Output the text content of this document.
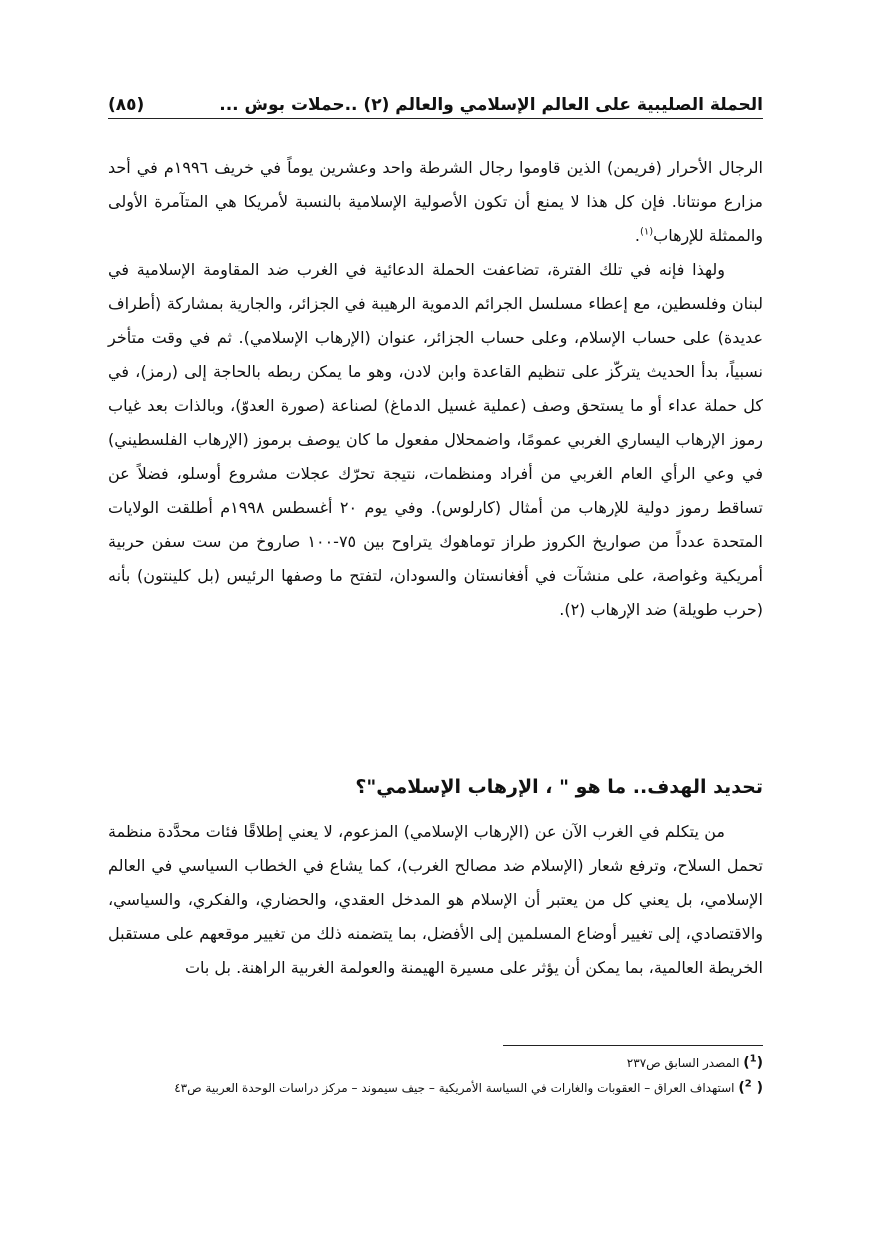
الحملة الصليبية على العالم الإسلامي والعالم (٢) ..حملات بوش ...
(٨٥)

الرجال الأحرار (فريمن) الذين قاوموا رجال الشرطة واحد وعشرين يوماً في خريف ١٩٩٦م في أحد مزارع مونتانا. فإن كل هذا لا يمنع أن تكون الأصولية الإسلامية بالنسبة لأمريكا هي المتآمرة الأولى والممثلة للإرهاب$^{(١)}$.

ولهذا فإنه في تلك الفترة، تضاعفت الحملة الدعائية في الغرب ضد المقاومة الإسلامية في لبنان وفلسطين، مع إعطاء مسلسل الجرائم الدموية الرهيبة في الجزائر، والجارية بمشاركة (أطراف عديدة) على حساب الإسلام، وعلى حساب الجزائر، عنوان (الإرهاب الإسلامي). ثم في وقت متأخر نسبياً، بدأ الحديث يتركّز على تنظيم القاعدة وابن لادن، وهو ما يمكن ربطه بالحاجة إلى (رمز)، في كل حملة عداء أو ما يستحق وصف (عملية غسيل الدماغ) لصناعة (صورة العدوّ)، وبالذات بعد غياب رموز الإرهاب اليساري الغربي عمومًا، واضمحلال مفعول ما كان يوصف برموز (الإرهاب الفلسطيني) في وعي الرأي العام الغربي من أفراد ومنظمات، نتيجة تحرّك عجلات مشروع أوسلو، فضلاً عن تساقط رموز دولية للإرهاب من أمثال (كارلوس). وفي يوم ٢٠ أغسطس ١٩٩٨م أطلقت الولايات المتحدة عدداً من صواريخ الكروز طراز توماهوك يتراوح بين ٧٥-١٠٠ صاروخ من ست سفن حربية أمريكية وغواصة، على منشآت في أفغانستان والسودان، لتفتح ما وصفها الرئيس (بل كلينتون) بأنه (حرب طويلة) ضد الإرهاب (٢).

تحديد الهدف.. ما هو " ، الإرهاب الإسلامي"؟

من يتكلم في الغرب الآن عن (الإرهاب الإسلامي) المزعوم، لا يعني إطلاقًا فئات محدَّدة منظمة تحمل السلاح، وترفع شعار (الإسلام ضد مصالح الغرب)، كما يشاع في الخطاب السياسي في العالم الإسلامي، بل يعني كل من يعتبر أن الإسلام هو المدخل العقدي، والحضاري، والفكري، والسياسي، والاقتصادي، إلى تغيير أوضاع المسلمين إلى الأفضل، بما يتضمنه ذلك من تغيير موقعهم على مستقبل الخريطة العالمية، بما يمكن أن يؤثر على مسيرة الهيمنة والعولمة الغربية الراهنة. بل بات

($^1$) المصدر السابق ص٢٣٧

( $^2$) استهداف العراق – العقوبات والغارات في السياسة الأمريكية – جيف سيموند – مركز دراسات الوحدة العربية ص٤٣
